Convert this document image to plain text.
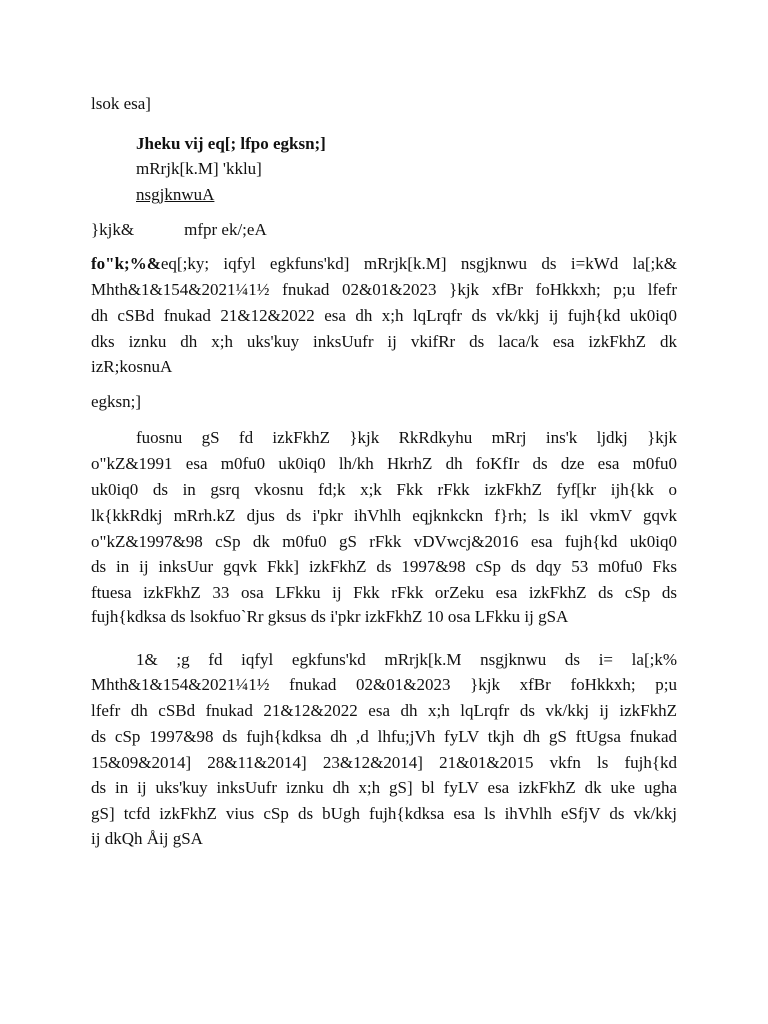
lsok esa]
Jheku vij eq[; lfpo egksn;]
mRrjk[k.M] 'kklu]
nsgjknwuA
}kjk&	mfpr ek/;eA
fo"k;%&eq[;ky; iqfyl egkfuns'kd] mRrjk[k.M] nsgjknwu ds i=kWd la[;k&
Mhth&1&154&2021¼1½ fnukad 02&01&2023 }kjk xfBr foHkkxh; p;u lfefr
dh cSBd fnukad 21&12&2022 esa dh x;h lqLrqfr ds vk/kkj ij fujh{kd uk0iq0
dks iznku dh x;h uks'kuy inksUufr ij vkifRr ds laca/k esa izkFkhZ dk
izR;kosnuA
egksn;]
fuosnu gS fd izkFkhZ }kjk RkRdkyhu mRrj ins'k ljdkj }kjk
o"kZ&1991 esa m0fu0 uk0iq0 lh/kh HkrhZ dh foKfIr ds dze esa m0fu0
uk0iq0 ds in gsrq vkosnu fd;k x;k Fkk rFkk izkFkhZ fyf[kr ijh{kk o
lk{kkRdkj mRrh.kZ djus ds i'pkr ihVhlh eqjknkckn f}rh; ls ikl vkmV gqvk
o"kZ&1997&98 cSp dk m0fu0 gS rFkk vDVwcj&2016 esa fujh{kd uk0iq0
ds in ij inksUur gqvk Fkk] izkFkhZ ds 1997&98 cSp ds dqy 53 m0fu0 Fks
ftuesa izkFkhZ 33 osa LFkku ij Fkk rFkk orZeku esa izkFkhZ ds cSp ds
fujh{kdksa ds lsokfuo`Rr gksus ds i'pkr izkFkhZ 10 osa LFkku ij gSA
1& ;g fd iqfyl egkfuns'kd mRrjk[k.M nsgjknwu ds i= la[;k%
Mhth&1&154&2021¼1½ fnukad 02&01&2023 }kjk xfBr foHkkxh; p;u
lfefr dh cSBd fnukad 21&12&2022 esa dh x;h lqLrqfr ds vk/kkj ij izkFkhZ
ds cSp 1997&98 ds fujh{kdksa dh ,d lhfu;jVh fyLV tkjh dh gS ftUgsa fnukad
15&09&2014] 28&11&2014] 23&12&2014] 21&01&2015 vkfn ls fujh{kd
ds in ij uks'kuy inksUufr iznku dh x;h gS] bl fyLV esa izkFkhZ dk uke ugha
gS] tcfd izkFkhZ vius cSp ds bUgh fujh{kdksa esa ls ihVhlh eSfjV ds vk/kkj
ij dkQh Åij gSA
